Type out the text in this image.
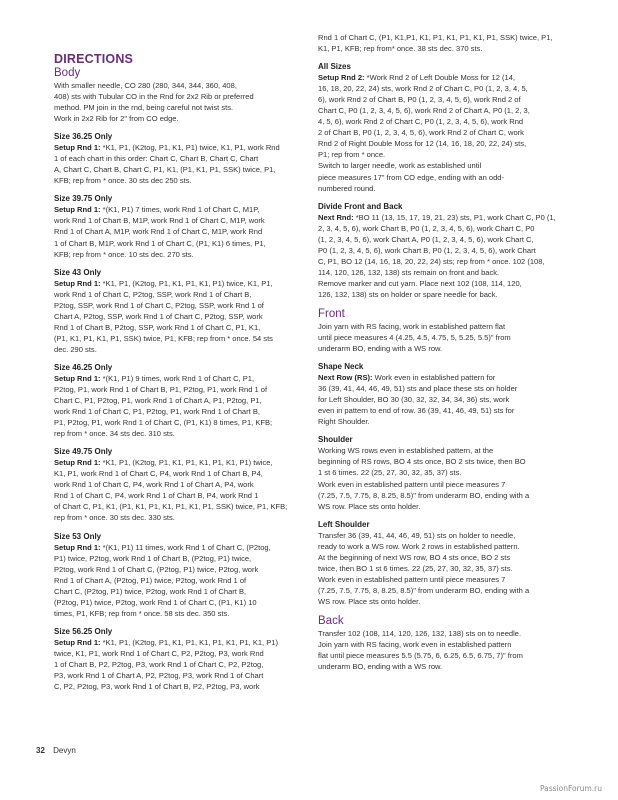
DIRECTIONS
Body
With smaller needle, CO 280 (280, 344, 344, 360, 408,
408) sts with Tubular CO in the Rnd for 2x2 Rib or preferred
method. PM join in the rnd, being careful not twist sts.
Work in 2x2 Rib for 2" from CO edge.
Size 36.25 Only
Setup Rnd 1: *K1, P1, (K2tog, P1, K1, P1) twice, K1, P1, work Rnd
1 of each chart in this order: Chart C, Chart B, Chart C, Chart
A, Chart C, Chart B, Chart C, P1, K1, (P1, K1, P1, SSK) twice, P1,
KFB; rep from * once. 30 sts dec 250 sts.
Size 39.75 Only
Setup Rnd 1: *(K1, P1) 7 times, work Rnd 1 of Chart C, M1P,
work Rnd 1 of Chart B, M1P, work Rnd 1 of Chart C, M1P, work
Rnd 1 of Chart A, M1P, work Rnd 1 of Chart C, M1P, work Rnd
1 of Chart B, M1P, work Rnd 1 of Chart C, (P1, K1) 6 times, P1,
KFB; rep from * once. 10 sts dec. 270 sts.
Size 43 Only
Setup Rnd 1: *K1, P1, (K2tog, P1, K1, P1, K1, P1) twice, K1, P1,
work Rnd 1 of Chart C, P2tog, SSP, work Rnd 1 of Chart B,
P2tog, SSP, work Rnd 1 of Chart C, P2tog, SSP, work Rnd 1 of
Chart A, P2tog, SSP, work Rnd 1 of Chart C, P2tog, SSP, work
Rnd 1 of Chart B, P2tog, SSP, work Rnd 1 of Chart C, P1, K1,
(P1, K1, P1, K1, P1, SSK) twice, P1, KFB; rep from * once. 54 sts
dec. 290 sts.
Size 46.25 Only
Setup Rnd 1: *(K1, P1) 9 times, work Rnd 1 of Chart C, P1,
P2tog, P1, work Rnd 1 of Chart B, P1, P2tog, P1, work Rnd 1 of
Chart C, P1, P2tog, P1, work Rnd 1 of Chart A, P1, P2tog, P1,
work Rnd 1 of Chart C, P1, P2tog, P1, work Rnd 1 of Chart B,
P1, P2tog, P1, work Rnd 1 of Chart C, (P1, K1) 8 times, P1, KFB;
rep from * once. 34 sts dec. 310 sts.
Size 49.75 Only
Setup Rnd 1: *K1, P1, (K2tog, P1, K1, P1, K1, P1, K1, P1) twice,
K1, P1, work Rnd 1 of Chart C, P4, work Rnd 1 of Chart B, P4,
work Rnd 1 of Chart C, P4, work Rnd 1 of Chart A, P4, work
Rnd 1 of Chart C, P4, work Rnd 1 of Chart B, P4, work Rnd 1
of Chart C, P1, K1, (P1, K1, P1, K1, P1, K1, P1, SSK) twice, P1, KFB;
rep from * once. 30 sts dec. 330 sts.
Size 53 Only
Setup Rnd 1: *(K1, P1) 11 times, work Rnd 1 of Chart C, (P2tog,
P1) twice, P2tog, work Rnd 1 of Chart B, (P2tog, P1) twice,
P2tog, work Rnd 1 of Chart C, (P2tog, P1) twice, P2tog, work
Rnd 1 of Chart A, (P2tog, P1) twice, P2tog, work Rnd 1 of
Chart C, (P2tog, P1) twice, P2tog, work Rnd 1 of Chart B,
(P2tog, P1) twice, P2tog, work Rnd 1 of Chart C, (P1, K1) 10
times, P1, KFB; rep from * once. 58 sts dec. 350 sts.
Size 56.25 Only
Setup Rnd 1: *K1, P1, (K2tog, P1, K1, P1, K1, P1, K1, P1, K1, P1)
twice, K1, P1, work Rnd 1 of Chart C, P2, P2tog, P3, work Rnd
1 of Chart B, P2, P2tog, P3, work Rnd 1 of Chart C, P2, P2tog,
P3, work Rnd 1 of Chart A, P2, P2tog, P3, work Rnd 1 of Chart
C, P2, P2tog, P3, work Rnd 1 of Chart B, P2, P2tog, P3, work
Rnd 1 of Chart C, (P1, K1,P1, K1, P1, K1, P1, K1, P1, SSK) twice, P1,
K1, P1, KFB; rep from* once. 38 sts dec. 370 sts.
All Sizes
Setup Rnd 2: *Work Rnd 2 of Left Double Moss for 12 (14,
16, 18, 20, 22, 24) sts, work Rnd 2 of Chart C, P0 (1, 2, 3, 4, 5,
6), work Rnd 2 of Chart B, P0 (1, 2, 3, 4, 5, 6), work Rnd 2 of
Chart C, P0 (1, 2, 3, 4, 5, 6), work Rnd 2 of Chart A, P0 (1, 2, 3,
4, 5, 6), work Rnd 2 of Chart C, P0 (1, 2, 3, 4, 5, 6), work Rnd
2 of Chart B, P0 (1, 2, 3, 4, 5, 6), work Rnd 2 of Chart C, work
Rnd 2 of Right Double Moss for 12 (14, 16, 18, 20, 22, 24) sts,
P1; rep from * once.
Switch to larger needle, work as established until
piece measures 17" from CO edge, ending with an odd-
numbered round.
Divide Front and Back
Next Rnd: *BO 11 (13, 15, 17, 19, 21, 23) sts, P1, work Chart C, P0 (1,
2, 3, 4, 5, 6), work Chart B, P0 (1, 2, 3, 4, 5, 6), work Chart C, P0
(1, 2, 3, 4, 5, 6), work Chart A, P0 (1, 2, 3, 4, 5, 6), work Chart C,
P0 (1, 2, 3, 4, 5, 6), work Chart B, P0 (1, 2, 3, 4, 5, 6), work Chart
C, P1, BO 12 (14, 16, 18, 20, 22, 24) sts; rep from * once. 102 (108,
114, 120, 126, 132, 138) sts remain on front and back.
Remove marker and cut yarn. Place next 102 (108, 114, 120,
126, 132, 138) sts on holder or spare needle for back.
Front
Join yarn with RS facing, work in established pattern flat
until piece measures 4 (4.25, 4.5, 4.75, 5, 5.25, 5.5)" from
underarm BO, ending with a WS row.
Shape Neck
Next Row (RS): Work even in established pattern for
36 (39, 41, 44, 46, 49, 51) sts and place these sts on holder
for Left Shoulder, BO 30 (30, 32, 32, 34, 34, 36) sts, work
even in pattern to end of row. 36 (39, 41, 46, 49, 51) sts for
Right Shoulder.
Shoulder
Working WS rows even in established pattern, at the
beginning of RS rows, BO 4 sts once, BO 2 sts twice, then BO
1 st 6 times. 22 (25, 27, 30, 32, 35, 37) sts.
Work even in established pattern until piece measures 7
(7.25, 7.5, 7.75, 8, 8.25, 8.5)" from underarm BO, ending with a
WS row. Place sts onto holder.
Left Shoulder
Transfer 36 (39, 41, 44, 46, 49, 51) sts on holder to needle,
ready to work a WS row. Work 2 rows in established pattern.
At the beginning of next WS row, BO 4 sts once, BO 2 sts
twice, then BO 1 st 6 times. 22 (25, 27, 30, 32, 35, 37) sts.
Work even in established pattern until piece measures 7
(7.25, 7.5, 7.75, 8, 8.25, 8.5)" from underarm BO, ending with a
WS row. Place sts onto holder.
Back
Transfer 102 (108, 114, 120, 126, 132, 138) sts on to needle.
Join yarn with RS facing, work even in established pattern
flat until piece measures 5.5 (5.75, 6, 6.25, 6.5, 6.75, 7)" from
underarm BO, ending with a WS row.
32 Devyn
PassionForum.ru
